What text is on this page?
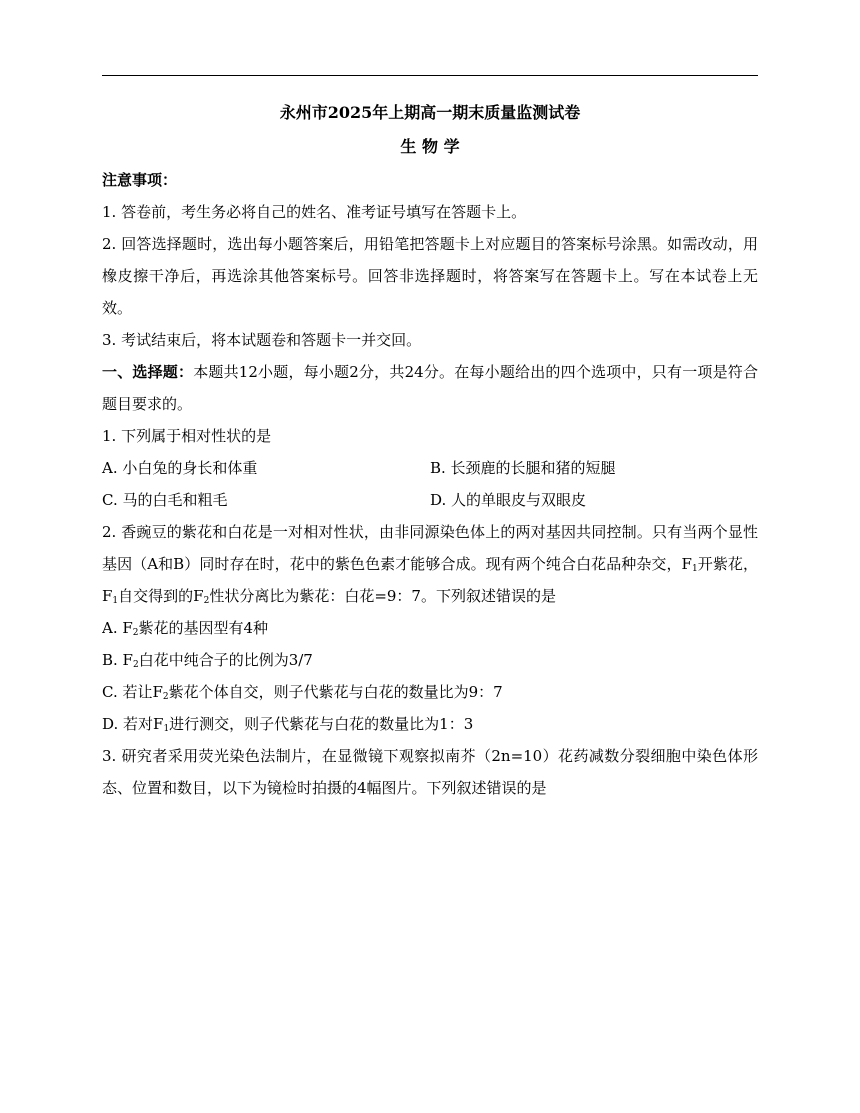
永州市2025年上期高一期末质量监测试卷
生 物 学
注意事项：
1. 答卷前，考生务必将自己的姓名、准考证号填写在答题卡上。

2. 回答选择题时，选出每小题答案后，用铅笔把答题卡上对应题目的答案标号涂黑。如需改动，用橡皮擦干净后，再选涂其他答案标号。回答非选择题时，将答案写在答题卡上。写在本试卷上无效。

3. 考试结束后，将本试题卷和答题卡一并交回。

一、选择题：本题共12小题，每小题2分，共24分。在每小题给出的四个选项中，只有一项是符合题目要求的。

1. 下列属于相对性状的是
A. 小白兔的身长和体重	B. 长颈鹿的长腿和猪的短腿
C. 马的白毛和粗毛	D. 人的单眼皮与双眼皮

2. 香豌豆的紫花和白花是一对相对性状，由非同源染色体上的两对基因共同控制。只有当两个显性基因（A和B）同时存在时，花中的紫色色素才能够合成。现有两个纯合白花品种杂交，$F_1$开紫花，$F_1$自交得到的$F_2$性状分离比为紫花：白花=9：7。下列叙述错误的是

A. $F_2$紫花的基因型有4种
B. $F_2$白花中纯合子的比例为3/7
C. 若让$F_2$紫花个体自交，则子代紫花与白花的数量比为9：7
D. 若对$F_1$进行测交，则子代紫花与白花的数量比为1：3

3. 研究者采用荧光染色法制片，在显微镜下观察拟南芥（2n=10）花药减数分裂细胞中染色体形态、位置和数目，以下为镜检时拍摄的4幅图片。下列叙述错误的是
